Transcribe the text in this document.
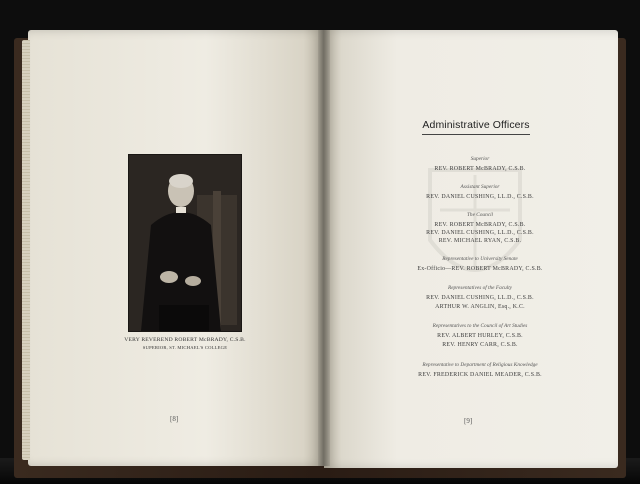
VERY REVEREND ROBERT McBRADY, C.S.B.
SUPERIOR, ST. MICHAEL'S COLLEGE
[8]
Administrative Officers
Superior
REV. ROBERT McBRADY, C.S.B.
Assistant Superior
REV. DANIEL CUSHING, LL.D., C.S.B.
The Council
REV. ROBERT McBRADY, C.S.B.
REV. DANIEL CUSHING, LL.D., C.S.B.
REV. MICHAEL RYAN, C.S.B.
Representative to University Senate
Ex-Officio—REV. ROBERT McBRADY, C.S.B.
Representatives of the Faculty
REV. DANIEL CUSHING, LL.D., C.S.B.
ARTHUR W. ANGLIN, Esq., K.C.
Representatives to the Council of Art Studies
REV. ALBERT HURLEY, C.S.B.
REV. HENRY CARR, C.S.B.
Representative to Department of Religious Knowledge
REV. FREDERICK DANIEL MEADER, C.S.B.
[9]
